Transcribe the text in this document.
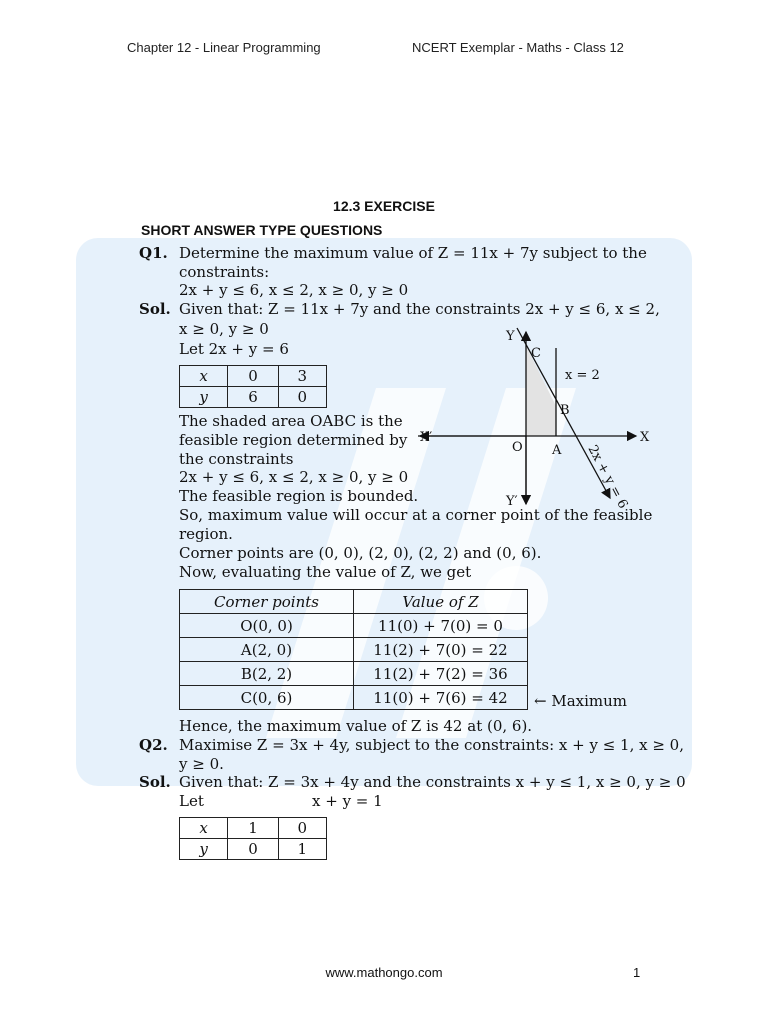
Chapter 12 - Linear Programming	NCERT Exemplar - Maths - Class 12
12.3 EXERCISE
SHORT ANSWER TYPE QUESTIONS
Q1. Determine the maximum value of Z = 11x + 7y subject to the
constraints:
2x + y ≤ 6, x ≤ 2, x ≥ 0, y ≥ 0
Sol. Given that: Z = 11x + 7y and the constraints 2x + y ≤ 6, x ≤ 2,
x ≥ 0, y ≥ 0
Let 2x + y = 6
x	0	3
y	6	0
The shaded area OABC is the
feasible region determined by
the constraints
2x + y ≤ 6, x ≤ 2, x ≥ 0, y ≥ 0
The feasible region is bounded.
So, maximum value will occur at a corner point of the feasible
region.
Corner points are (0, 0), (2, 0), (2, 2) and (0, 6).
Now, evaluating the value of Z, we get
Y
Y′
X
X′
O A
B
C
x = 2
2x + y = 6
Corner points	Value of Z
O(0, 0)	11(0) + 7(0) = 0
A(2, 0)	11(2) + 7(0) = 22
B(2, 2)	11(2) + 7(2) = 36
C(0, 6)	11(0) + 7(6) = 42 ← Maximum
Hence, the maximum value of Z is 42 at (0, 6).
Q2. Maximise Z = 3x + 4y, subject to the constraints: x + y ≤ 1, x ≥ 0,
y ≥ 0.
Sol. Given that: Z = 3x + 4y and the constraints x + y ≤ 1, x ≥ 0, y ≥ 0
Let	x + y = 1
x	1	0
y	0	1
www.mathongo.com	1
